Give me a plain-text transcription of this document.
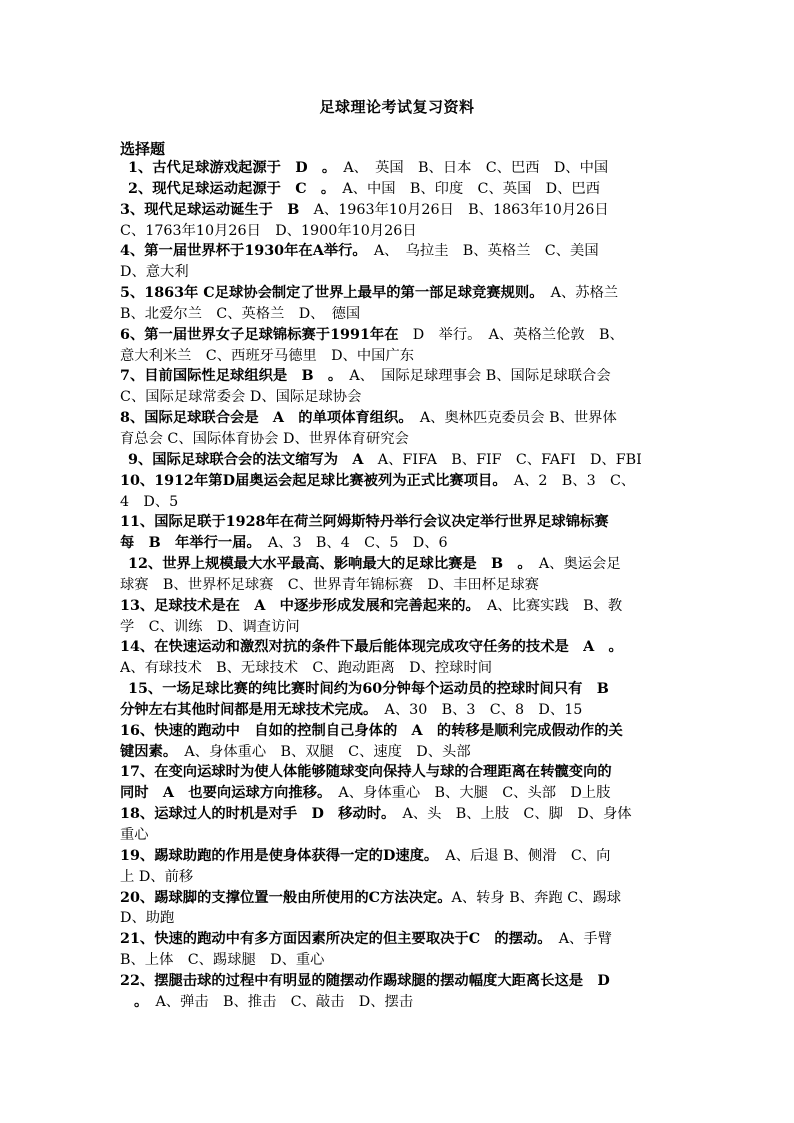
足球理论考试复习资料
选择题
1、古代足球游戏起源于　D　。　A、　英国　B、日本　C、巴西　D、中国
2、现代足球运动起源于　C　。　A、中国　B、印度　C、英国　D、巴西
3、现代足球运动诞生于　B　A、1963年10月26日　B、1863年10月26日
C、1763年10月26日　D、1900年10月26日
4、第一届世界杯于1930年在A举行。　A、　乌拉圭　B、英格兰　C、美国
D、意大利
5、1863年 C足球协会制定了世界上最早的第一部足球竞赛规则。　A、苏格兰
B、北爱尔兰　C、英格兰　D、　德国
6、第一届世界女子足球锦标赛于1991年在　D　举行。　A、英格兰伦敦　B、
意大利米兰　C、西班牙马德里　D、中国广东
7、目前国际性足球组织是　B　。　A、　国际足球理事会 B、国际足球联合会
C、国际足球常委会 D、国际足球协会
8、国际足球联合会是　A　的单项体育组织。　A、奥林匹克委员会 B、世界体
育总会 C、国际体育协会 D、世界体育研究会
9、国际足球联合会的法文缩写为　A　A、FIFA　B、FIF　C、FAFI　D、FBI
10、1912年第D届奥运会起足球比赛被列为正式比赛项目。　A、2　B、3　C、
4　D、5
11、国际足联于1928年在荷兰阿姆斯特丹举行会议决定举行世界足球锦标赛
每　B　年举行一届。　A、3　B、4　C、5　D、6
12、世界上规模最大水平最高、影响最大的足球比赛是　B　。　A、奥运会足
球赛　B、世界杯足球赛　C、世界青年锦标赛　D、丰田杯足球赛
13、足球技术是在　A　中逐步形成发展和完善起来的。　A、比赛实践　B、教
学　C、训练　D、调查访问
14、在快速运动和激烈对抗的条件下最后能体现完成攻守任务的技术是　A　。
A、有球技术　B、无球技术　C、跑动距离　D、控球时间
15、一场足球比赛的纯比赛时间约为60分钟每个运动员的控球时间只有　B
分钟左右其他时间都是用无球技术完成。　A、30　B、3　C、8　D、15
16、快速的跑动中　自如的控制自己身体的　A　的转移是顺利完成假动作的关
键因素。　A、身体重心　B、双腿　C、速度　D、头部
17、在变向运球时为使人体能够随球变向保持人与球的合理距离在转髋变向的
同时　A　也要向运球方向推移。　A、身体重心　B、大腿　C、头部　D上肢
18、运球过人的时机是对手　D　移动时。　A、头　B、上肢　C、脚　D、身体
重心
19、踢球助跑的作用是使身体获得一定的D速度。　A、后退 B、侧滑　C、向
上 D、前移
20、踢球脚的支撑位置一般由所使用的C方法决定。A、转身 B、奔跑 C、踢球
D、助跑
21、快速的跑动中有多方面因素所决定的但主要取决于C　的摆动。　A、手臂
B、上体　C、踢球腿　D、重心
22、摆腿击球的过程中有明显的随摆动作踢球腿的摆动幅度大距离长这是　D
。　A、弹击　B、推击　C、敲击　D、摆击
